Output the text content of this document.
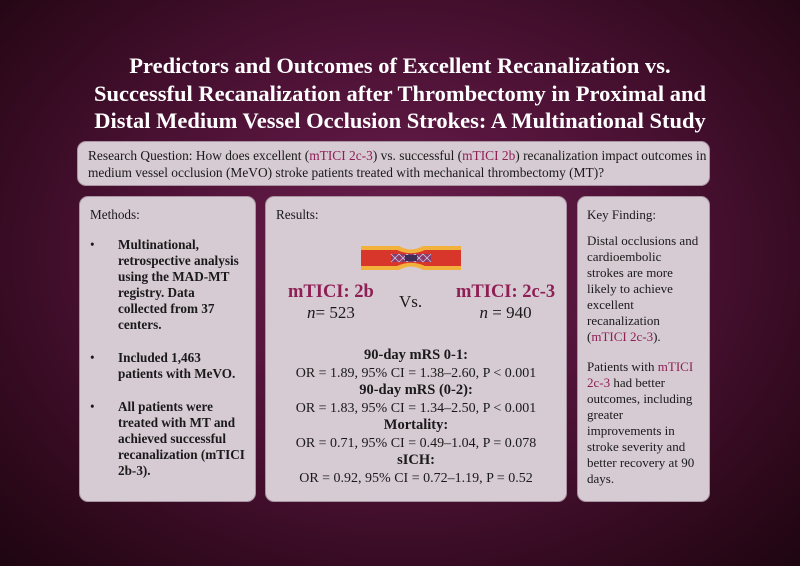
Predictors and Outcomes of Excellent Recanalization vs.
Successful Recanalization after Thrombectomy in Proximal and
Distal Medium Vessel Occlusion Strokes: A Multinational Study
Research Question: How does excellent (mTICI 2c-3) vs. successful (mTICI 2b) recanalization impact outcomes in
medium vessel occlusion (MeVO) stroke patients treated with mechanical thrombectomy (MT)?
Methods:
• Multinational, retrospective analysis using the MAD-MT registry. Data collected from 37 centers.
• Included 1,463 patients with MeVO.
• All patients were treated with MT and achieved successful recanalization (mTICI 2b-3).
Results:
mTICI: 2b
n= 523
Vs. mTICI: 2c-3
n = 940
90-day mRS 0-1:
OR = 1.89, 95% CI = 1.38–2.60, P < 0.001
90-day mRS (0-2):
OR = 1.83, 95% CI = 1.34–2.50, P < 0.001
Mortality:
OR = 0.71, 95% CI = 0.49–1.04, P = 0.078
sICH:
OR = 0.92, 95% CI = 0.72–1.19, P = 0.52
Key Finding:

Distal occlusions and cardioembolic strokes are more likely to achieve excellent recanalization (mTICI 2c-3).

Patients with mTICI 2c-3 had better outcomes, including greater improvements in stroke severity and better recovery at 90 days.
